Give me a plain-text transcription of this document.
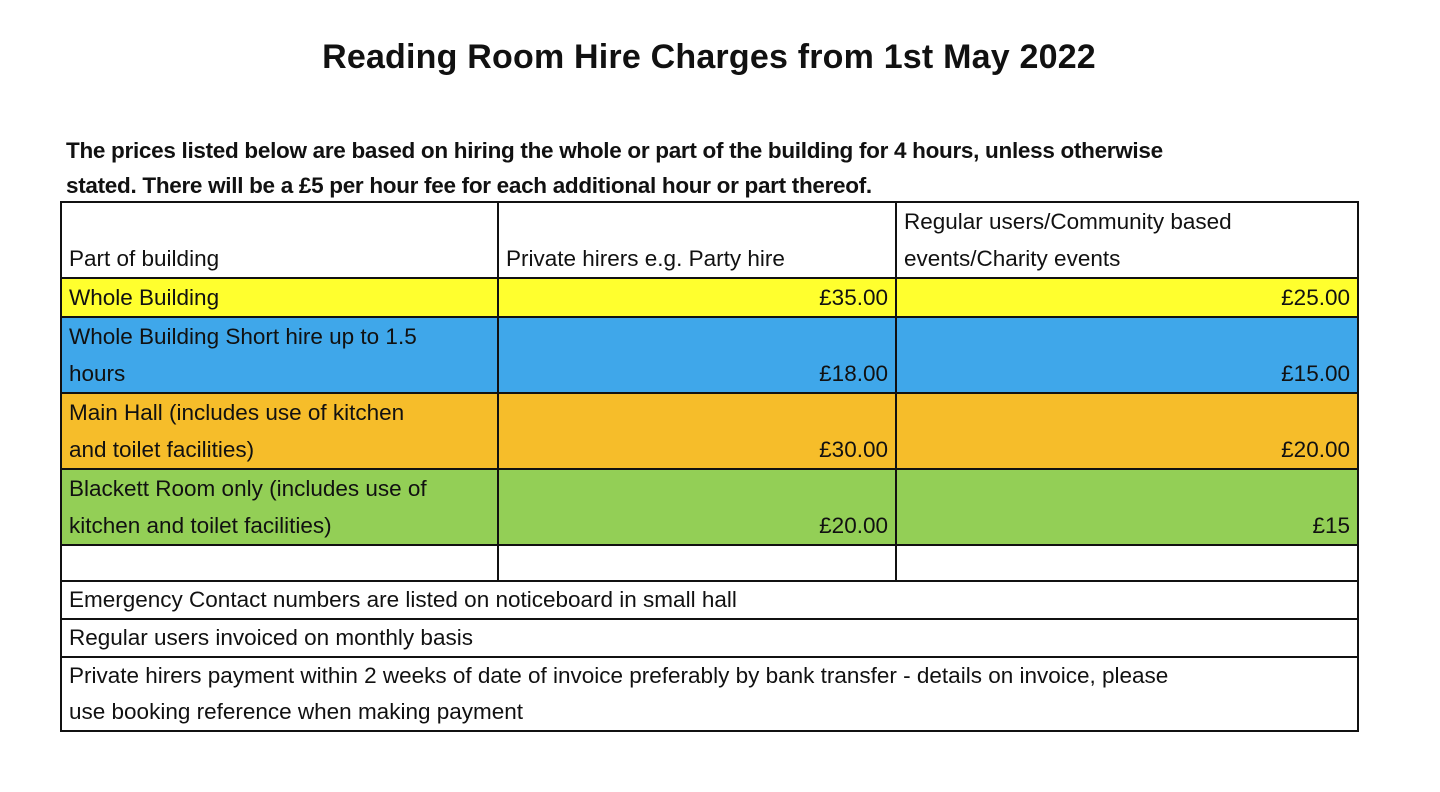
Reading Room Hire Charges from 1st May 2022
The prices listed below are based on hiring the whole or part of the building for 4 hours, unless otherwise
stated. There will be a £5 per hour fee for each additional hour or part thereof.
Part of building	Private hirers e.g. Party hire	Regular users/Community based
events/Charity events

Whole Building	£35.00	£25.00

Whole Building Short hire up to 1.5
hours	£18.00	£15.00

Main Hall (includes use of kitchen
and toilet facilities)	£30.00	£20.00

Blackett Room only (includes use of
kitchen and toilet facilities)	£20.00	£15

Emergency Contact numbers are listed on noticeboard in small hall		
Regular users invoiced on monthly basis		

Private hirers payment within 2 weeks of date of invoice preferably by bank transfer - details on invoice, please
use booking reference when making payment		
